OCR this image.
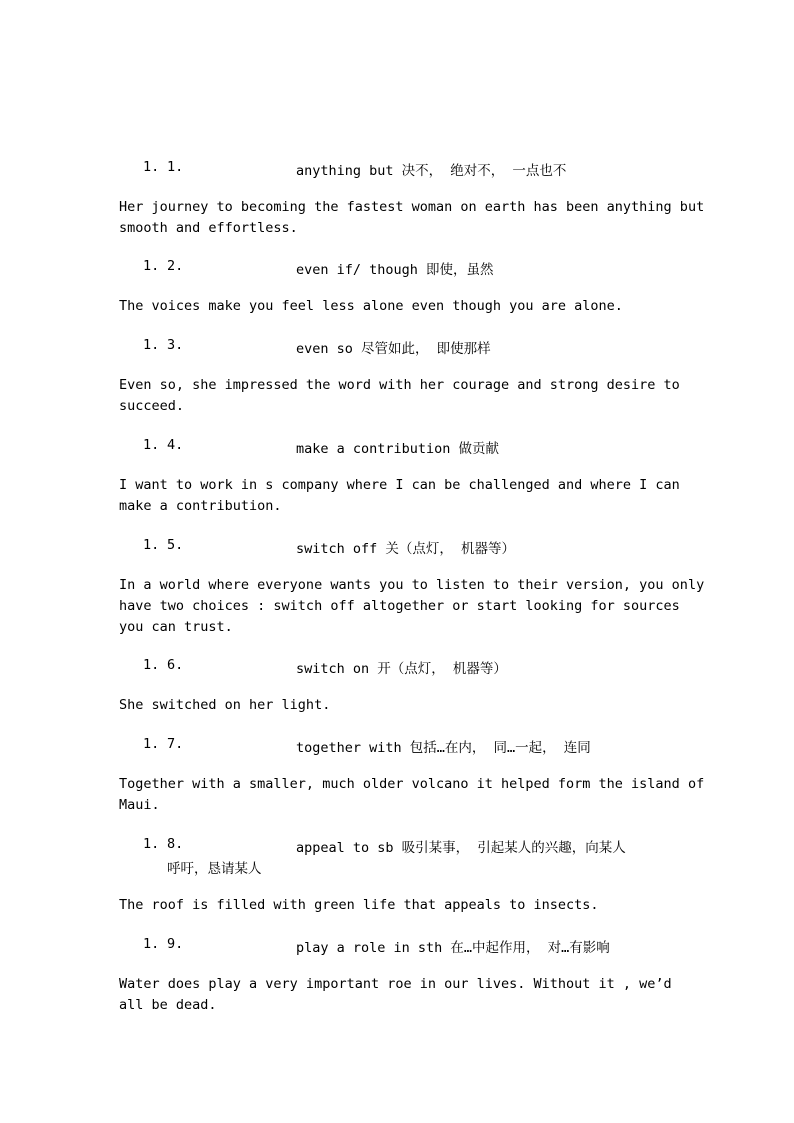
1. 1.	anything but 决不， 绝对不， 一点也不
Her journey to becoming the fastest woman on earth has been anything but
smooth and effortless.
1. 2.	even if/ though 即使，虽然
The voices make you feel less alone even though you are alone.
1. 3.	even so 尽管如此， 即使那样
Even so, she impressed the word with her courage and strong desire to
succeed.
1. 4.	make a contribution 做贡献
I want to work in s company where I can be challenged and where I can
make a contribution.
1. 5.	switch off 关（点灯， 机器等）
In a world where everyone wants you to listen to their version, you only
have two choices : switch off altogether or start looking for sources
you can trust.
1. 6.	switch on 开（点灯， 机器等）
She switched on her light.
1. 7.	together with 包括…在内， 同…一起， 连同
Together with a smaller, much older volcano it helped form the island of
Maui.
1. 8.	appeal to sb 吸引某事， 引起某人的兴趣，向某人
呼吁，恳请某人
The roof is filled with green life that appeals to insects.
1. 9.	play a role in sth 在…中起作用， 对…有影响
Water does play a very important roe in our lives. Without it , we’d
all be dead.
